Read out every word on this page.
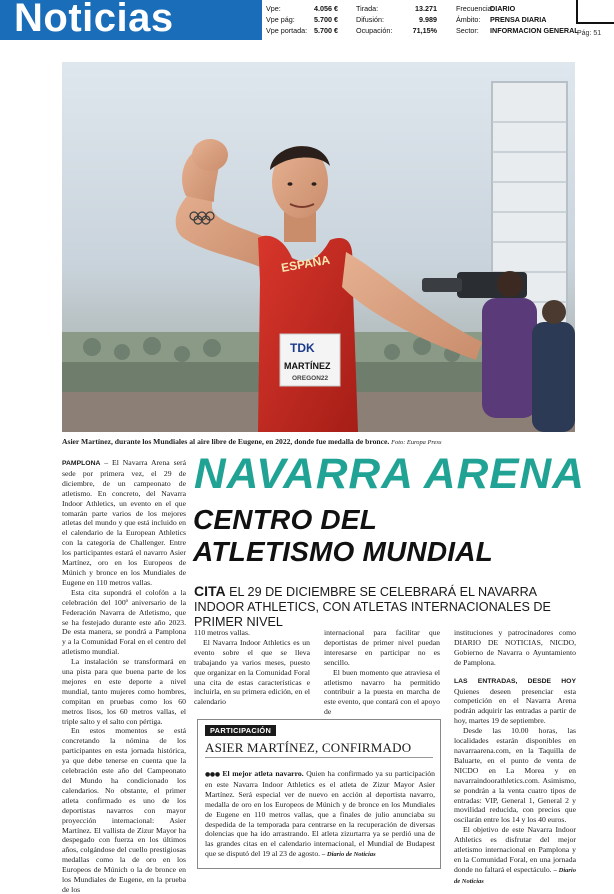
Noticias	Vpe:	4.056 €
Vpe pág:	5.700 €
Vpe portada: 5.700 €
Tirada:	13.271
Difusión:	9.989
Ocupación:	71,15%
Frecuencia:
DIARIO
Ámbito:	PRENSA DIARIA
Sector:	INFORMACION GENERAL
Pág: 51
ESPAÑA
TDK
MARTÍNEZ
OREGON22
Asier Martínez, durante los Mundiales al aire libre de Eugene, en 2022, donde fue medalla de bronce. Foto: Europa Press

PAMPLONA – El Navarra Arena será sede por primera vez, el 29 de diciembre, de un campeonato de atletismo. En concreto, del Navarra Indoor Athletics, un evento en el que tomarán parte varios de los mejores atletas del mundo y que está incluido en el calendario de la European Athletics con la categoría de Challenger. Entre los participantes estará el navarro Asier Martínez, oro en los Europeos de Múnich y bronce en los Mundiales de Eugene en 110 metros vallas.

Esta cita supondrá el colofón a la celebración del 100º aniversario de la Federación Navarra de Atletismo, que se ha festejado durante este año 2023. De esta manera, se pondrá a Pamplona y a la Comunidad Foral en el centro del atletismo mundial.

La instalación se transformará en una pista para que buena parte de los mejores en este deporte a nivel mundial, tanto mujeres como hombres, compitan en pruebas como los 60 metros lisos, los 60 metros vallas, el triple salto y el salto con pértiga.

En estos momentos se está concretando la nómina de los participantes en esta jornada histórica, ya que debe tenerse en cuenta que la celebración este año del Campeonato del Mundo ha condicionado los calendarios. No obstante, el primer atleta confirmado es uno de los deportistas navarros con mayor proyección internacional: Asier Martínez. El vallista de Zizur Mayor ha despegado con fuerza en los últimos años, colgándose del cuello prestigiosas medallas como la de oro en los Europeos de Múnich o la de bronce en los Mundiales de Eugene, en la prueba de los

NAVARRA ARENA
CENTRO DEL
ATLETISMO MUNDIAL
CITA EL 29 DE DICIEMBRE SE CELEBRARÁ EL NAVARRA INDOOR ATHLETICS, CON ATLETAS INTERNACIONALES DE PRIMER NIVEL

110 metros vallas.

El Navarra Indoor Athletics es un evento sobre el que se lleva trabajando ya varios meses, puesto que organizar en la Comunidad Foral una cita de estas características e incluirla, en su primera edición, en el calendario

internacional para facilitar que deportistas de primer nivel puedan interesarse en participar no es sencillo.

El buen momento que atraviesa el atletismo navarro ha permitido contribuir a la puesta en marcha de este evento, que contará con el apoyo de

instituciones y patrocinadores como DIARIO DE NOTICIAS, NICDO, Gobierno de Navarra o Ayuntamiento de Pamplona.

LAS ENTRADAS, DESDE HOY Quienes deseen presenciar esta competición en el Navarra Arena podrán adquirir las entradas a partir de hoy, martes 19 de septiembre.

Desde las 10.00 horas, las localidades estarán disponibles en navarraarena.com, en la Taquilla de Baluarte, en el punto de venta de NICDO en La Morea y en navarraindoorathletics.com. Asimismo, se pondrán a la venta cuatro tipos de entradas: VIP, General 1, General 2 y movilidad reducida, con precios que oscilarán entre los 14 y los 40 euros.

El objetivo de este Navarra Indoor Athletics es disfrutar del mejor atletismo internacional en Pamplona y en la Comunidad Foral, en una jornada donde no faltará el espectáculo. – Diario de Noticias

PARTICIPACIÓN
ASIER MARTÍNEZ, CONFIRMADO
●●● El mejor atleta navarro. Quien ha confirmado ya su participación en este Navarra Indoor Athletics es el atleta de Zizur Mayor Asier Martínez. Será especial ver de nuevo en acción al deportista navarro, medalla de oro en los Europeos de Múnich y de bronce en los Mundiales de Eugene en 110 metros vallas, que a finales de julio anunciaba su despedida de la temporada para centrarse en la recuperación de diversas dolencias que ha ido arrastrando. El atleta zizurtarra ya se perdió una de las grandes citas en el calendario internacional, el Mundial de Budapest que se disputó del 19 al 23 de agosto. – Diario de Noticias
